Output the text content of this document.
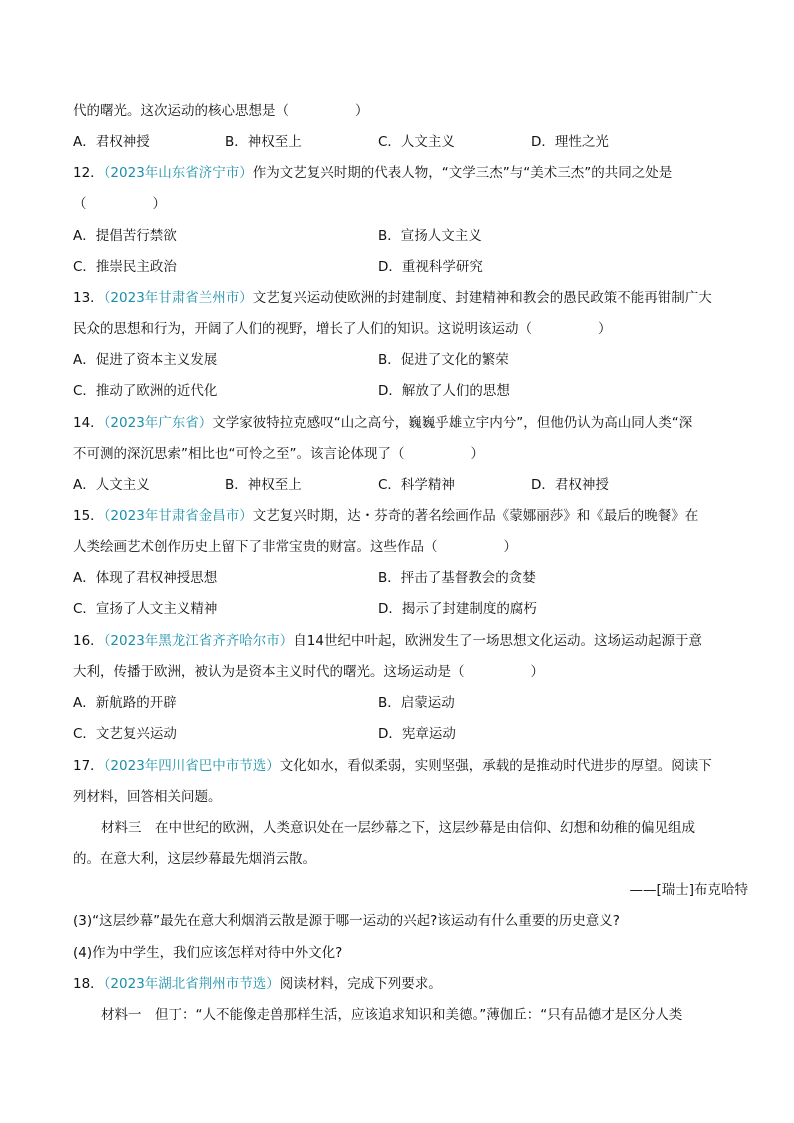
代的曙光。这次运动的核心思想是（	）
A．君权神授	B．神权至上	C．人文主义	D．理性之光
12．（2023年山东省济宁市）作为文艺复兴时期的代表人物，“文学三杰”与“美术三杰”的共同之处是
（	）
A．提倡苦行禁欲	B．宣扬人文主义
C．推崇民主政治	D．重视科学研究
13．（2023年甘肃省兰州市）文艺复兴运动使欧洲的封建制度、封建精神和教会的愚民政策不能再钳制广大
民众的思想和行为，开阔了人们的视野，增长了人们的知识。这说明该运动（	）
A．促进了资本主义发展	B．促进了文化的繁荣
C．推动了欧洲的近代化	D．解放了人们的思想
14．（2023年广东省）文学家彼特拉克感叹“山之高兮，巍巍乎雄立宇内兮”，但他仍认为高山同人类“深
不可测的深沉思索”相比也“可怜之至”。该言论体现了（	）
A．人文主义	B．神权至上	C．科学精神	D．君权神授
15．（2023年甘肃省金昌市）文艺复兴时期，达・芬奇的著名绘画作品《蒙娜丽莎》和《最后的晚餐》在
人类绘画艺术创作历史上留下了非常宝贵的财富。这些作品（	）
A．体现了君权神授思想	B．抨击了基督教会的贪婪
C．宣扬了人文主义精神	D．揭示了封建制度的腐朽
16．（2023年黑龙江省齐齐哈尔市）自14世纪中叶起，欧洲发生了一场思想文化运动。这场运动起源于意
大利，传播于欧洲，被认为是资本主义时代的曙光。这场运动是（	）
A．新航路的开辟	B．启蒙运动
C．文艺复兴运动	D．宪章运动
17．（2023年四川省巴中市节选）文化如水，看似柔弱，实则坚强，承载的是推动时代进步的厚望。阅读下
列材料，回答相关问题。
材料三　在中世纪的欧洲，人类意识处在一层纱幕之下，这层纱幕是由信仰、幻想和幼稚的偏见组成
的。在意大利，这层纱幕最先烟消云散。
——[瑞士]布克哈特
(3)“这层纱幕”最先在意大利烟消云散是源于哪一运动的兴起?该运动有什么重要的历史意义?
(4)作为中学生，我们应该怎样对待中外文化?
18．（2023年湖北省荆州市节选）阅读材料，完成下列要求。
材料一　但丁：“人不能像走兽那样生活，应该追求知识和美德。”薄伽丘：“只有品德才是区分人类
